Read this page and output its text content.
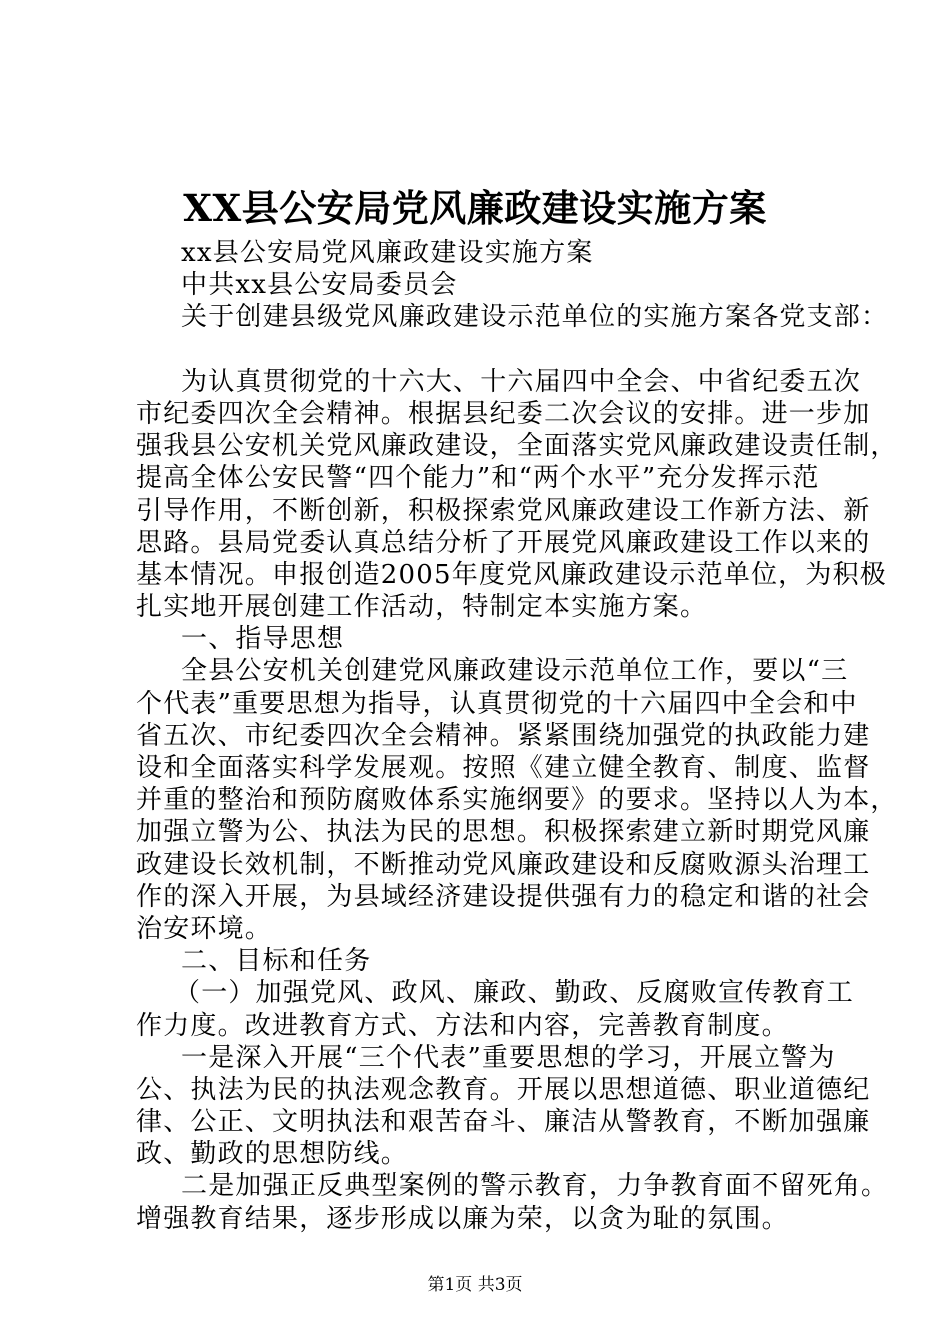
XX县公安局党风廉政建设实施方案
xx县公安局党风廉政建设实施方案
中共xx县公安局委员会
关于创建县级党风廉政建设示范单位的实施方案各党支部：
为认真贯彻党的十六大、十六届四中全会、中省纪委五次
市纪委四次全会精神。根据县纪委二次会议的安排。进一步加
强我县公安机关党风廉政建设，全面落实党风廉政建设责任制，
提高全体公安民警“四个能力”和“两个水平”充分发挥示范
引导作用，不断创新，积极探索党风廉政建设工作新方法、新
思路。县局党委认真总结分析了开展党风廉政建设工作以来的
基本情况。申报创造2005年度党风廉政建设示范单位，为积极
扎实地开展创建工作活动，特制定本实施方案。
一、指导思想
全县公安机关创建党风廉政建设示范单位工作，要以“三
个代表”重要思想为指导，认真贯彻党的十六届四中全会和中
省五次、市纪委四次全会精神。紧紧围绕加强党的执政能力建
设和全面落实科学发展观。按照《建立健全教育、制度、监督
并重的整治和预防腐败体系实施纲要》的要求。坚持以人为本，
加强立警为公、执法为民的思想。积极探索建立新时期党风廉
政建设长效机制，不断推动党风廉政建设和反腐败源头治理工
作的深入开展，为县域经济建设提供强有力的稳定和谐的社会
治安环境。
二、目标和任务
（一）加强党风、政风、廉政、勤政、反腐败宣传教育工
作力度。改进教育方式、方法和内容，完善教育制度。
一是深入开展“三个代表”重要思想的学习，开展立警为
公、执法为民的执法观念教育。开展以思想道德、职业道德纪
律、公正、文明执法和艰苦奋斗、廉洁从警教育，不断加强廉
政、勤政的思想防线。
二是加强正反典型案例的警示教育，力争教育面不留死角。
增强教育结果，逐步形成以廉为荣，以贪为耻的氛围。
第1页 共3页
